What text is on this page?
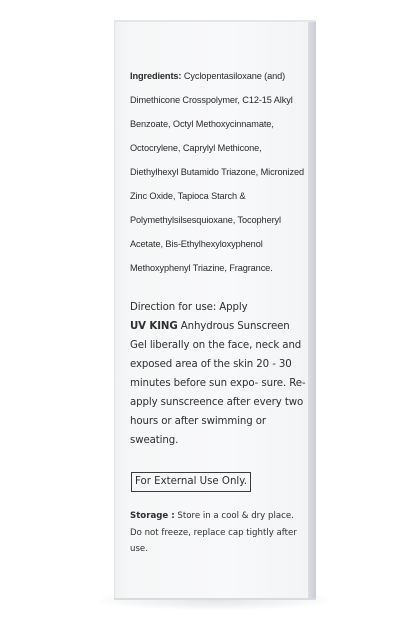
Ingredients: Cyclopentasiloxane (and) Dimethicone Crosspolymer, C12-15 Alkyl Benzoate, Octyl Methoxycinnamate, Octocrylene, Caprylyl Methicone, Diethylhexyl Butamido Triazone, Micronized Zinc Oxide, Tapioca Starch & Polymethylsilsesquioxane, Tocopheryl Acetate, Bis-Ethylhexyloxyphenol Methoxyphenyl Triazine, Fragrance.

Direction for use: Apply
UV KING Anhydrous Sunscreen Gel liberally on the face, neck and exposed area of the skin 20 - 30 minutes before sun expo- sure. Re-apply sunscreence after every two hours or after swimming or sweating.

For External Use Only.

Storage : Store in a cool & dry place.
Do not freeze, replace cap tightly after use.
